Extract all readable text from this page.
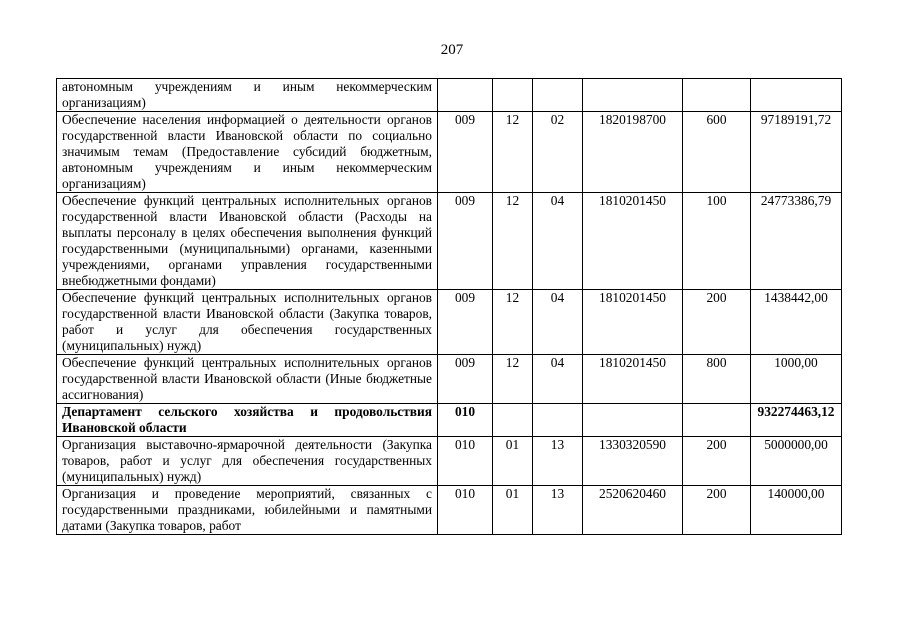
207
автономным учреждениям и иным некоммерческим организациям)						
Обеспечение населения информацией о деятельности органов государственной власти Ивановской области по социально значимым темам (Предоставление субсидий бюджетным, автономным учреждениям и иным некоммерческим организациям)	009	12	02	1820198700	600	97189191,72
Обеспечение функций центральных исполнительных органов государственной власти Ивановской области (Расходы на выплаты персоналу в целях обеспечения выполнения функций государственными (муниципальными) органами, казенными учреждениями, органами управления государственными внебюджетными фондами)	009	12	04	1810201450	100	24773386,79
Обеспечение функций центральных исполнительных органов государственной власти Ивановской области (Закупка товаров, работ и услуг для обеспечения государственных (муниципальных) нужд)	009	12	04	1810201450	200	1438442,00
Обеспечение функций центральных исполнительных органов государственной власти Ивановской области (Иные бюджетные ассигнования)	009	12	04	1810201450	800	1000,00
Департамент сельского хозяйства и продовольствия Ивановской области	010					932274463,12
Организация выставочно-ярмарочной деятельности (Закупка товаров, работ и услуг для обеспечения государственных (муниципальных) нужд)	010	01	13	1330320590	200	5000000,00
Организация и проведение мероприятий, связанных с государственными праздниками, юбилейными и памятными датами (Закупка товаров, работ	010	01	13	2520620460	200	140000,00
